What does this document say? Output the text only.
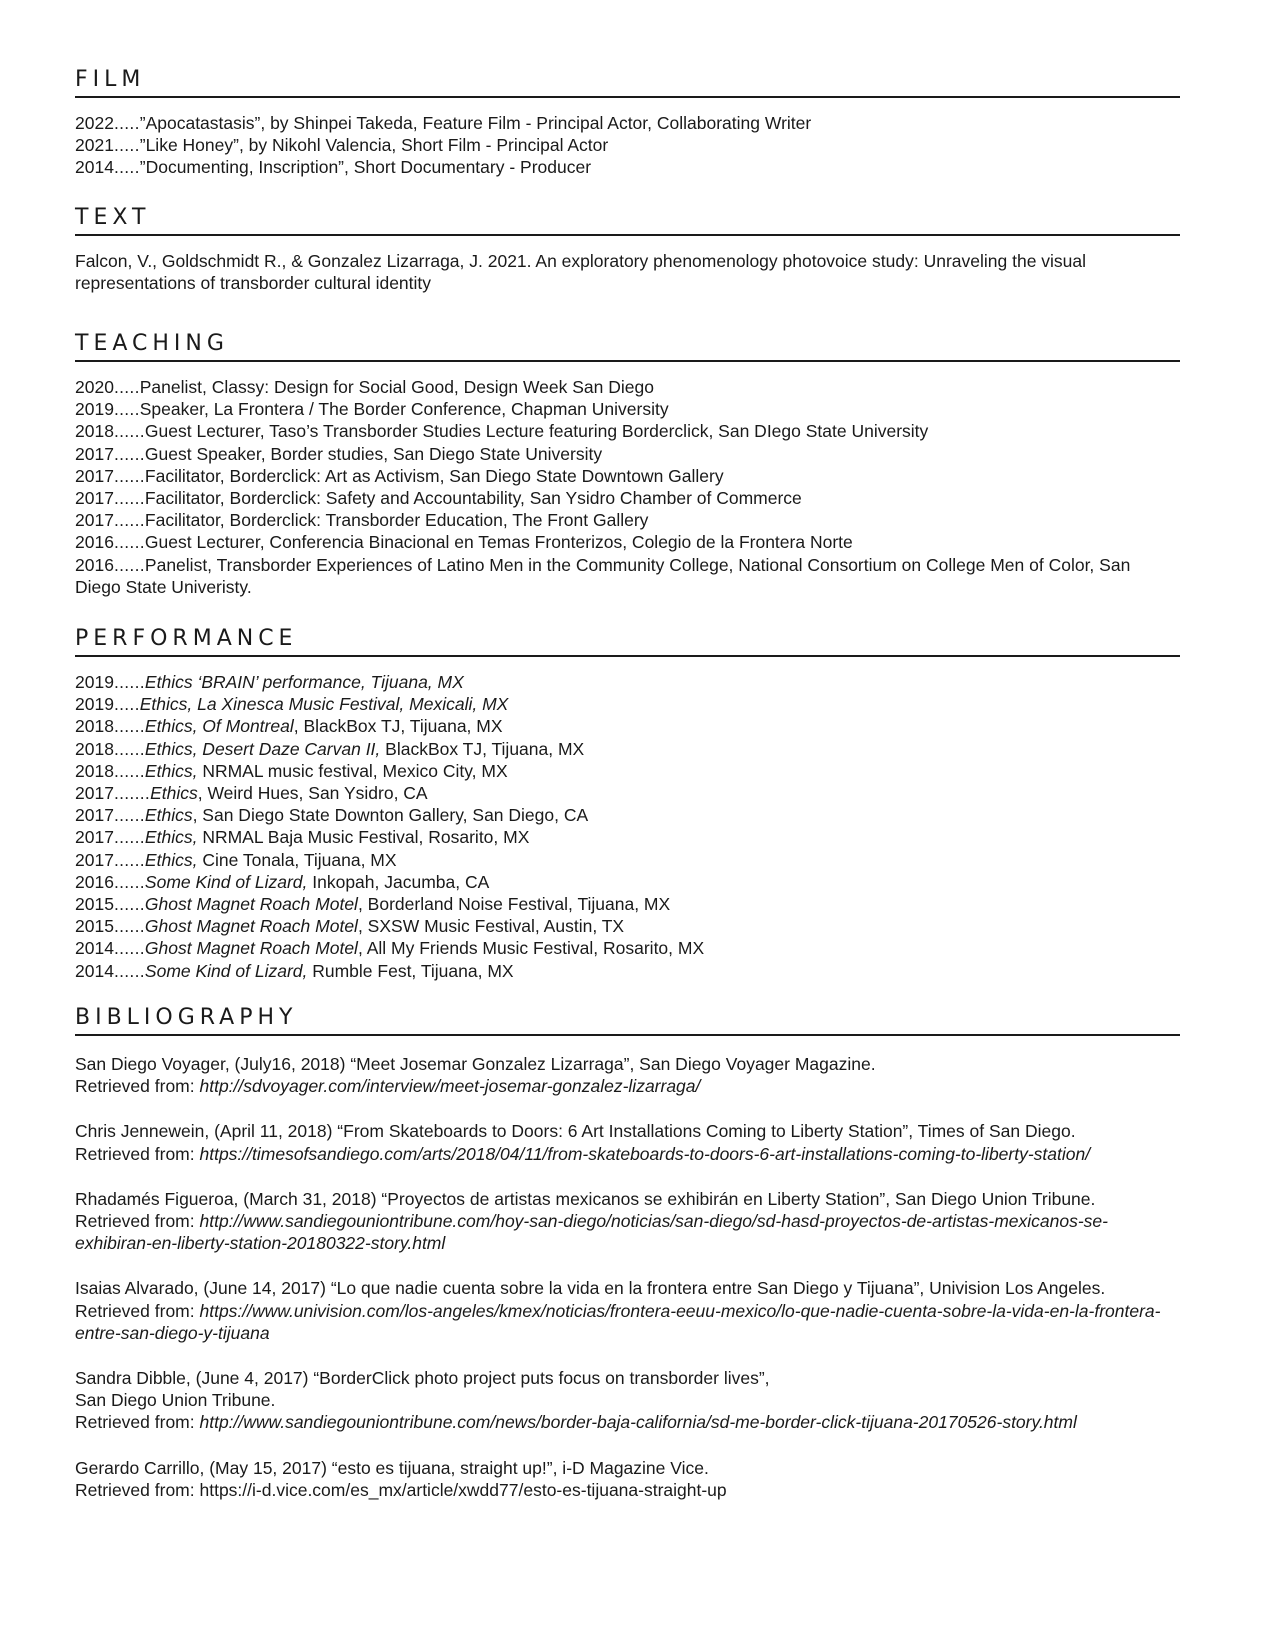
FILM
2022.....”Apocatastasis”, by Shinpei Takeda, Feature Film - Principal Actor, Collaborating Writer
2021.....”Like Honey”, by Nikohl Valencia, Short Film - Principal Actor
2014.....”Documenting, Inscription”, Short Documentary - Producer
TEXT
Falcon, V., Goldschmidt R., & Gonzalez Lizarraga, J. 2021. An exploratory phenomenology photovoice study: Unraveling the visual representations of transborder cultural identity
TEACHING
2020.....Panelist, Classy: Design for Social Good, Design Week San Diego
2019.....Speaker, La Frontera / The Border Conference, Chapman University
2018......Guest Lecturer, Taso’s Transborder Studies Lecture featuring Borderclick, San DIego State University
2017......Guest Speaker, Border studies, San Diego State University
2017......Facilitator, Borderclick: Art as Activism, San Diego State Downtown Gallery
2017......Facilitator, Borderclick: Safety and Accountability, San Ysidro Chamber of Commerce
2017......Facilitator, Borderclick: Transborder Education, The Front Gallery
2016......Guest Lecturer, Conferencia Binacional en Temas Fronterizos, Colegio de la Frontera Norte
2016......Panelist, Transborder Experiences of Latino Men in the Community College, National Consortium on College Men of Color, San Diego State Univeristy.
PERFORMANCE
2019......Ethics ‘BRAIN’ performance, Tijuana, MX
2019.....Ethics, La Xinesca Music Festival, Mexicali, MX
2018......Ethics, Of Montreal, BlackBox TJ, Tijuana, MX
2018......Ethics, Desert Daze Carvan II, BlackBox TJ, Tijuana, MX
2018......Ethics, NRMAL music festival, Mexico City, MX
2017.......Ethics, Weird Hues, San Ysidro, CA
2017......Ethics, San Diego State Downton Gallery, San Diego, CA
2017......Ethics, NRMAL Baja Music Festival, Rosarito, MX
2017......Ethics, Cine Tonala, Tijuana, MX
2016......Some Kind of Lizard, Inkopah, Jacumba, CA
2015......Ghost Magnet Roach Motel, Borderland Noise Festival, Tijuana, MX
2015......Ghost Magnet Roach Motel, SXSW Music Festival, Austin, TX
2014......Ghost Magnet Roach Motel, All My Friends Music Festival, Rosarito, MX
2014......Some Kind of Lizard, Rumble Fest, Tijuana, MX
BIBLIOGRAPHY
San Diego Voyager, (July16, 2018) “Meet Josemar Gonzalez Lizarraga”, San Diego Voyager Magazine.
Retrieved from: http://sdvoyager.com/interview/meet-josemar-gonzalez-lizarraga/
Chris Jennewein, (April 11, 2018) “From Skateboards to Doors: 6 Art Installations Coming to Liberty Station”, Times of San Diego.
Retrieved from: https://timesofsandiego.com/arts/2018/04/11/from-skateboards-to-doors-6-art-installations-coming-to-liberty-station/
Rhadamés Figueroa, (March 31, 2018) “Proyectos de artistas mexicanos se exhibirán en Liberty Station”, San Diego Union Tribune.
Retrieved from: http://www.sandiegouniontribune.com/hoy-san-diego/noticias/san-diego/sd-hasd-proyectos-de-artistas-mexicanos-se-exhibiran-en-liberty-station-20180322-story.html
Isaias Alvarado, (June 14, 2017) “Lo que nadie cuenta sobre la vida en la frontera entre San Diego y Tijuana”, Univision Los Angeles.
Retrieved from: https://www.univision.com/los-angeles/kmex/noticias/frontera-eeuu-mexico/lo-que-nadie-cuenta-sobre-la-vida-en-la-frontera-entre-san-diego-y-tijuana
Sandra Dibble, (June 4, 2017) “BorderClick photo project puts focus on transborder lives”,
San Diego Union Tribune.
Retrieved from: http://www.sandiegouniontribune.com/news/border-baja-california/sd-me-border-click-tijuana-20170526-story.html
Gerardo Carrillo, (May 15, 2017) “esto es tijuana, straight up!”, i-D Magazine Vice.
Retrieved from: https://i-d.vice.com/es_mx/article/xwdd77/esto-es-tijuana-straight-up
